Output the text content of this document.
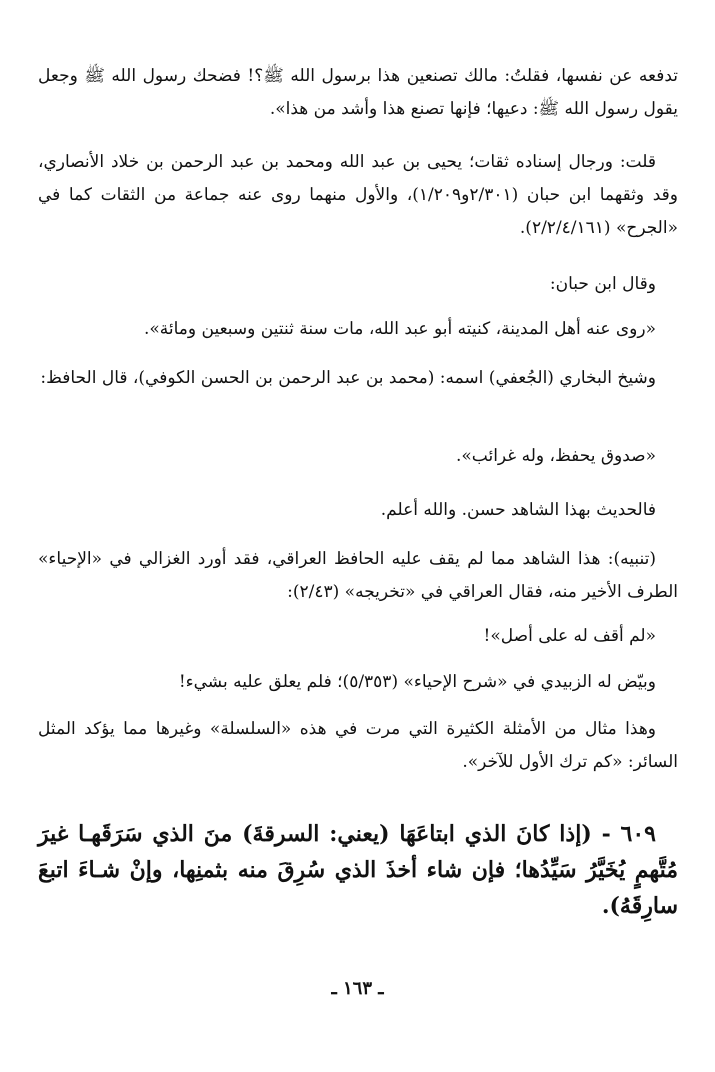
تدفعه عن نفسها، فقلتُ: مالك تصنعين هذا برسول الله ﷺ؟! فضحك رسول الله ﷺ وجعل يقول رسول الله ﷺ: دعيها؛ فإنها تصنع هذا وأشد من هذا».

قلت: ورجال إسناده ثقات؛ يحيى بن عبد الله ومحمد بن عبد الرحمن بن خلاد الأنصاري، وقد وثقهما ابن حبان (٢/٣٠١و١/٢٠٩)، والأول منهما روى عنه جماعة من الثقات كما في «الجرح» (٢/٢/٤/١٦١).

وقال ابن حبان:

«روى عنه أهل المدينة، كنيته أبو عبد الله، مات سنة ثنتين وسبعين ومائة».

وشيخ البخاري (الجُعفي) اسمه: (محمد بن عبد الرحمن بن الحسن الكوفي)، قال الحافظ:

«صدوق يحفظ، وله غرائب».

فالحديث بهذا الشاهد حسن. والله أعلم.

(تنبيه): هذا الشاهد مما لم يقف عليه الحافظ العراقي، فقد أورد الغزالي في «الإحياء» الطرف الأخير منه، فقال العراقي في «تخريجه» (٢/٤٣):

«لم أقف له على أصل»!

وبيّض له الزبيدي في «شرح الإحياء» (٥/٣٥٣)؛ فلم يعلق عليه بشيء!

وهذا مثال من الأمثلة الكثيرة التي مرت في هذه «السلسلة» وغيرها مما يؤكد المثل السائر: «كم ترك الأول للآخر».

٦٠٩ - (إذا كانَ الذي ابتاعَهَا (يعني: السرقةَ) منَ الذي سَرَقَهـا غيرَ مُتَّهمٍ يُخَيَّرُ سَيِّدُها؛ فإن شاء أخذَ الذي سُرِقَ منه بثمنِها، وإنْ شـاءَ اتبعَ سارِقَهُ).

ـ ١٦٣ ـ
